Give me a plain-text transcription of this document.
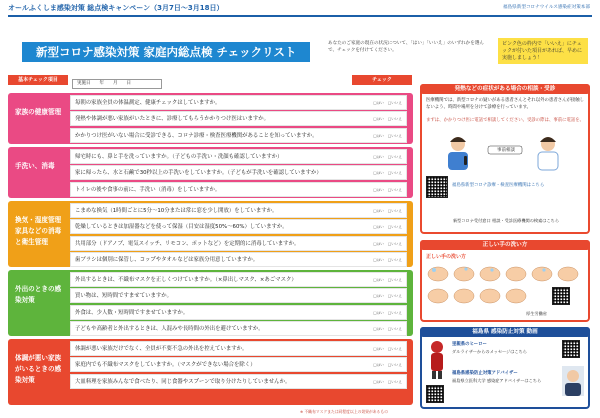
オールふくしま感染対策 総点検キャンペーン（3月7日～3月18日）	福島県新型コロナウイルス感染症対策本部
新型コロナ感染対策 家庭内総点検 チェックリスト
あなたのご家庭の現在の状況について、「はい」「いいえ」のいずれかを選んで、チェックを付けてください。
ピンク色の枠内で「いいえ」にチェックが付いた項目があれば、早めに実施しましょう！
基本チェック項目	チェック
実施日　　年　　月　　日
家族の健康管理
手洗い、消毒
換気・湿度管理 家具などの消毒と衛生管理
外出のときの感染対策
体調が悪い家族がいるときの感染対策
毎朝の家族全員の体温測定、健康チェックはしていますか。	□はい □いいえ
発熱や体調が悪い家族がいたときに、診療してもらうかかりつけ医はいますか。	□はい □いいえ
かかりつけ医がいない場合に受診できる、コロナ診療・検査医療機関があることを知っていますか。	□はい □いいえ
帰宅時にも、鼻と手を洗っていますか。（子どもの手洗い・洗顔も確認していますか）	□はい □いいえ
家に帰ったら、水と石鹸で30秒以上の手洗いをしていますか。（子どもが手洗いを確認していますか）	□はい □いいえ
トイレの後や食事の前に、手洗い（消毒）をしていますか。	□はい □いいえ
こまめな換気（1時間ごとに5分～10分または常に窓を少し開放）をしていますか。	□はい □いいえ
乾燥しているときは加湿器などを使って保湿（目安は湿度50%～60%）していますか。	□はい □いいえ
共用部分（ドアノブ、電気スイッチ、リモコン、ポットなど）を定期的に消毒していますか。	□はい □いいえ
歯ブラシは個別に保管し、コップやタオルなどは家族分用意していますか。	□はい □いいえ
外出するときは、不織布マスクを正しくつけていますか。（×鼻出しマスク、×あごマスク）	□はい □いいえ
買い物は、短時間ですませていますか。	□はい □いいえ
外食は、少人数・短時間ですませていますか。	□はい □いいえ
子どもや高齢者と外出するときは、人混みや長時間の外出を避けていますか。	□はい □いいえ
体調が悪い家族だけでなく、全員が不要不急の外出を控えていますか。	□はい □いいえ
家庭内でも不織布マスクをしていますか。（マスクができない場合を除く）	□はい □いいえ
大皿料理を家族みんなで食べたり、同じ食器やスプーンで取り分けたりしていませんか。	□はい □いいえ
※ 不織布マスクまたは同程度以上の効果があるもの
発熱などの症状がある場合の相談・受診
医療機関では、新型コロナの疑いがある患者さんとそれ以外の患者さんが接触しないよう、時間や場所を分けて診療を行っています。
まずは、かかりつけ医に電話で相談してください。受診の際は、事前に電話を。
事前相談
福島県新型コロナ診療・検査医療機関はこちら
新型コロナ受付窓口 相談・受診医療機関の検索はこちら
正しい手の洗い方
正しい手の洗い方
厚生労働省
福島県 感染防止対策 動画
里親県のヒーロー
ダルライザーからのメッセージはこちら
福島県感染防止対策アドバイザー
福島県立医科大学 感染症アドバイザーはこちら
